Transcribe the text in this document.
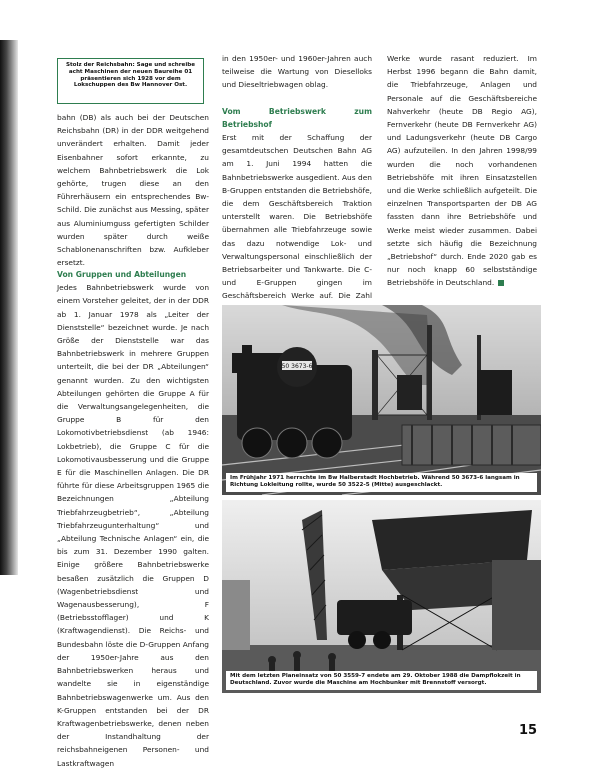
Stolz der Reichsbahn: Sage und schreibe acht Maschinen der neuen Baureihe 01 präsentieren sich 1928 vor dem Lokschuppen des Bw Hannover Ost.

bahn (DB) als auch bei der Deutschen Reichsbahn (DR) in der DDR weitgehend unverändert erhalten. Damit jeder Eisenbahner sofort erkannte, zu welchem Bahnbetriebswerk die Lok gehörte, trugen diese an den Führerhäusern ein entsprechendes Bw-Schild. Die zunächst aus Messing, später aus Aluminiumguss gefertigten Schilder wurden später durch weiße Schablonenanschriften bzw. Aufkleber ersetzt.

Von Gruppen und Abteilungen

Jedes Bahnbetriebswerk wurde von einem Vorsteher geleitet, der in der DDR ab 1. Januar 1978 als „Leiter der Dienststelle“ bezeichnet wurde. Je nach Größe der Dienststelle war das Bahnbetriebswerk in mehrere Gruppen unterteilt, die bei der DR „Abteilungen“ genannt wurden. Zu den wichtigsten Abteilungen gehörten die Gruppe A für die Verwaltungsangelegenheiten, die Gruppe B für den Lokomotivbetriebsdienst (ab 1946: Lokbetrieb), die Gruppe C für die Lokomotivausbesserung und die Gruppe E für die Maschinellen Anlagen. Die DR führte für diese Arbeitsgruppen 1965 die Bezeichnungen „Abteilung Triebfahrzeugbetrieb“, „Abteilung Triebfahrzeugunterhaltung“ und „Abteilung Technische Anlagen“ ein, die bis zum 31. Dezember 1990 galten. Einige größere Bahnbetriebswerke besaßen zusätzlich die Gruppen D (Wagenbetriebsdienst und Wagenausbesserung), F (Betriebsstofflager) und K (Kraftwagendienst). Die Reichs- und Bundesbahn löste die D-Gruppen Anfang der 1950er-Jahre aus den Bahnbetriebswerken heraus und wandelte sie in eigenständige Bahnbetriebswagenwerke um. Aus den K-Gruppen entstanden bei der DR Kraftwagenbetriebswerke, denen neben der Instandhaltung der reichsbahneigenen Personen- und Lastkraftwagen

in den 1950er- und 1960er-Jahren auch teilweise die Wartung von Dieselloks und Dieseltriebwagen oblag.

Vom Betriebswerk zum Betriebshof

Erst mit der Schaffung der gesamtdeutschen Deutschen Bahn AG am 1. Juni 1994 hatten die Bahnbetriebswerke ausgedient. Aus den B-Gruppen entstanden die Betriebshöfe, die dem Geschäftsbereich Traktion unterstellt waren. Die Betriebshöfe übernahmen alle Triebfahrzeuge sowie das dazu notwendige Lok- und Verwaltungspersonal einschließlich der Betriebsarbeiter und Tankwarte. Die C- und E-Gruppen gingen im Geschäftsbereich Werke auf. Die Zahl

Werke wurde rasant reduziert. Im Herbst 1996 begann die Bahn damit, die Triebfahrzeuge, Anlagen und Personale auf die Geschäftsbereiche Nahverkehr (heute DB Regio AG), Fernverkehr (heute DB Fernverkehr AG) und Ladungsverkehr (heute DB Cargo AG) aufzuteilen. In den Jahren 1998/99 wurden die noch vorhandenen Betriebshöfe mit ihren Einsatzstellen und die Werke schließlich aufgeteilt. Die einzelnen Transportsparten der DB AG fassten dann ihre Betriebshöfe und Werke meist wieder zusammen. Dabei setzte sich häufig die Bezeichnung „Betriebshof“ durch. Ende 2020 gab es nur noch knapp 60 selbstständige Betriebshöfe in Deutschland.

50 3673-6
Im Frühjahr 1971 herrschte im Bw Halberstadt Hochbetrieb. Während 50 3673-6 langsam in Richtung Lokleitung rollte, wurde 50 3522-5 (Mitte) ausgeschlackt.
Mit dem letzten Planeinsatz von 50 3559-7 endete am 29. Oktober 1988 die Dampflokzeit in Deutschland. Zuvor wurde die Maschine am Hochbunker mit Brennstoff versorgt.
15
